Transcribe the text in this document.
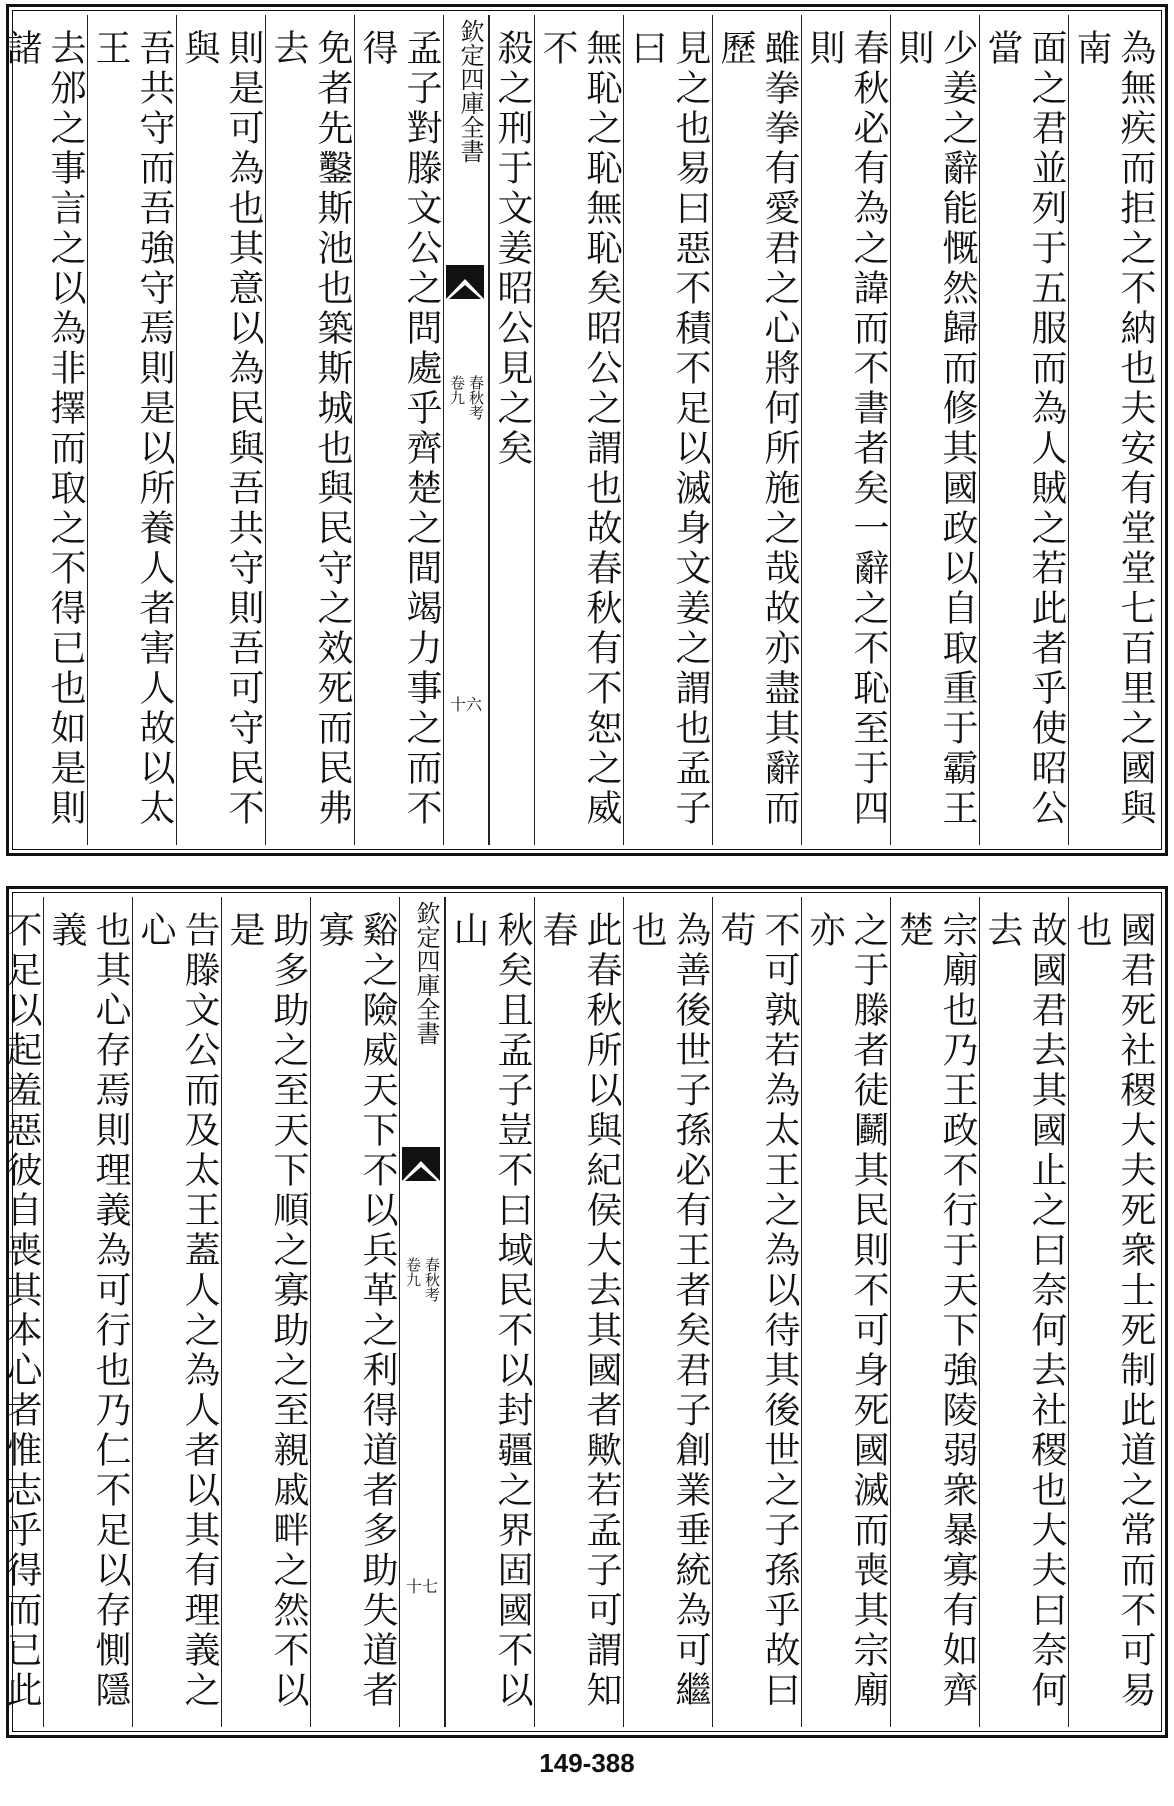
為無疾而拒之不納也夫安有堂堂七百里之國與南
面之君並列于五服而為人賊之若此者乎使昭公當
少姜之辭能慨然歸而修其國政以自取重于霸王則
春秋必有為之諱而不書者矣一辭之不恥至于四則
雖拳拳有愛君之心將何所施之哉故亦盡其辭而歷
見之也易曰惡不積不足以滅身文姜之謂也孟子曰
無恥之恥無恥矣昭公之謂也故春秋有不恕之威不
殺之刑于文姜昭公見之矣
欽定四庫全書
春秋考
卷九
十六
孟子對滕文公之問處乎齊楚之間竭力事之而不得
免者先鑿斯池也築斯城也與民守之效死而民弗去
則是可為也其意以為民與吾共守則吾可守民不與
吾共守而吾強守焉則是以所養人者害人故以太王
去邠之事言之以為非擇而取之不得已也如是則諸
國君死社稷大夫死衆士死制此道之常而不可易也
故國君去其國止之曰奈何去社稷也大夫曰奈何去
宗廟也乃王政不行于天下強陵弱衆暴寡有如齊楚
之于滕者徒鬬其民則不可身死國滅而喪其宗廟亦
不可孰若為太王之為以待其後世之子孫乎故曰苟
為善後世子孫必有王者矣君子創業垂統為可繼也
此春秋所以與紀侯大去其國者歟若孟子可謂知春
秋矣且孟子豈不曰域民不以封疆之界固國不以山
欽定四庫全書
春秋考
卷九
十七
谿之險威天下不以兵革之利得道者多助失道者寡
助多助之至天下順之寡助之至親戚畔之然不以是
告滕文公而及太王蓋人之為人者以其有理義之心
也其心存焉則理義為可行也乃仁不足以存惻隱義
不足以起羞惡彼自喪其本心者惟志乎得而已此
149-388
